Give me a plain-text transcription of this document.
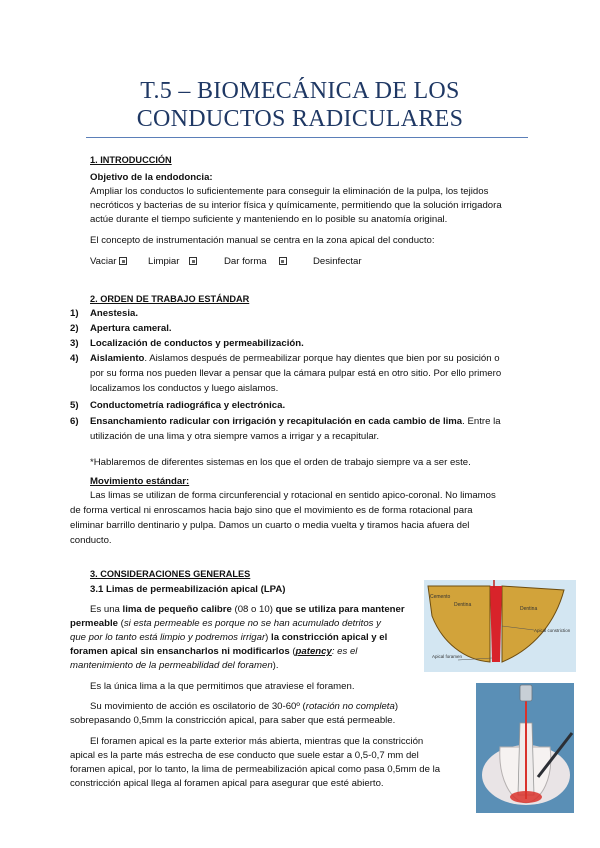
T.5 – BIOMECÁNICA DE LOS
CONDUCTOS RADICULARES
1. INTRODUCCIÓN
Objetivo de la endodoncia:
Ampliar los conductos lo suficientemente para conseguir la eliminación de la pulpa, los tejidos
necróticos y bacterias de su interior física y químicamente, permitiendo que la solución irrigadora
actúe durante el tiempo suficiente y manteniendo en lo posible su anatomía original.
El concepto de instrumentación manual se centra en la zona apical del conducto:
Vaciar	Limpiar	Dar forma	Desinfectar
2. ORDEN DE TRABAJO ESTÁNDAR
1) Anestesia.
2) Apertura cameral.
3) Localización de conductos y permeabilización.
4) Aislamiento. Aislamos después de permeabilizar porque hay dientes que bien por su posición o
por su forma nos pueden llevar a pensar que la cámara pulpar está en otro sitio. Por ello primero
localizamos los conductos y luego aislamos.
5) Conductometría radiográfica y electrónica.
6) Ensanchamiento radicular con irrigación y recapitulación en cada cambio de lima. Entre la
utilización de una lima y otra siempre vamos a irrigar y a recapitular.
*Hablaremos de diferentes sistemas en los que el orden de trabajo siempre va a ser este.
Movimiento estándar:
Las limas se utilizan de forma circunferencial y rotacional en sentido apico-coronal. No limamos
de forma vertical ni enroscamos hacia bajo sino que el movimiento es de forma rotacional para
eliminar barrillo dentinario y pulpa. Damos un cuarto o media vuelta y tiramos hacia afuera del
conducto.
3. CONSIDERACIONES GENERALES
3.1 Limas de permeabilización apical (LPA)
Es una lima de pequeño calibre (08 o 10) que se utiliza para mantener
permeable (si esta permeable es porque no se han acumulado detritos y
que por lo tanto está limpio y podremos irrigar) la constricción apical y el
foramen apical sin ensancharlos ni modificarlos (patency: es el
mantenimiento de la permeabilidad del foramen).
Es la única lima a la que permitimos que atraviese el foramen.
Su movimiento de acción es oscilatorio de 30-60º (rotación no completa)
sobrepasando 0,5mm la constricción apical, para saber que está permeable.
El foramen apical es la parte exterior más abierta, mientras que la constricción
apical es la parte más estrecha de ese conducto que suele estar a 0,5-0,7 mm del
foramen apical, por lo tanto, la lima de permeabilización apical como pasa 0,5mm de la
constricción apical llega al foramen apical para asegurar que esté abierto.
Cemento
Dentina
Dentina
Apical constriction
Apical foramen
